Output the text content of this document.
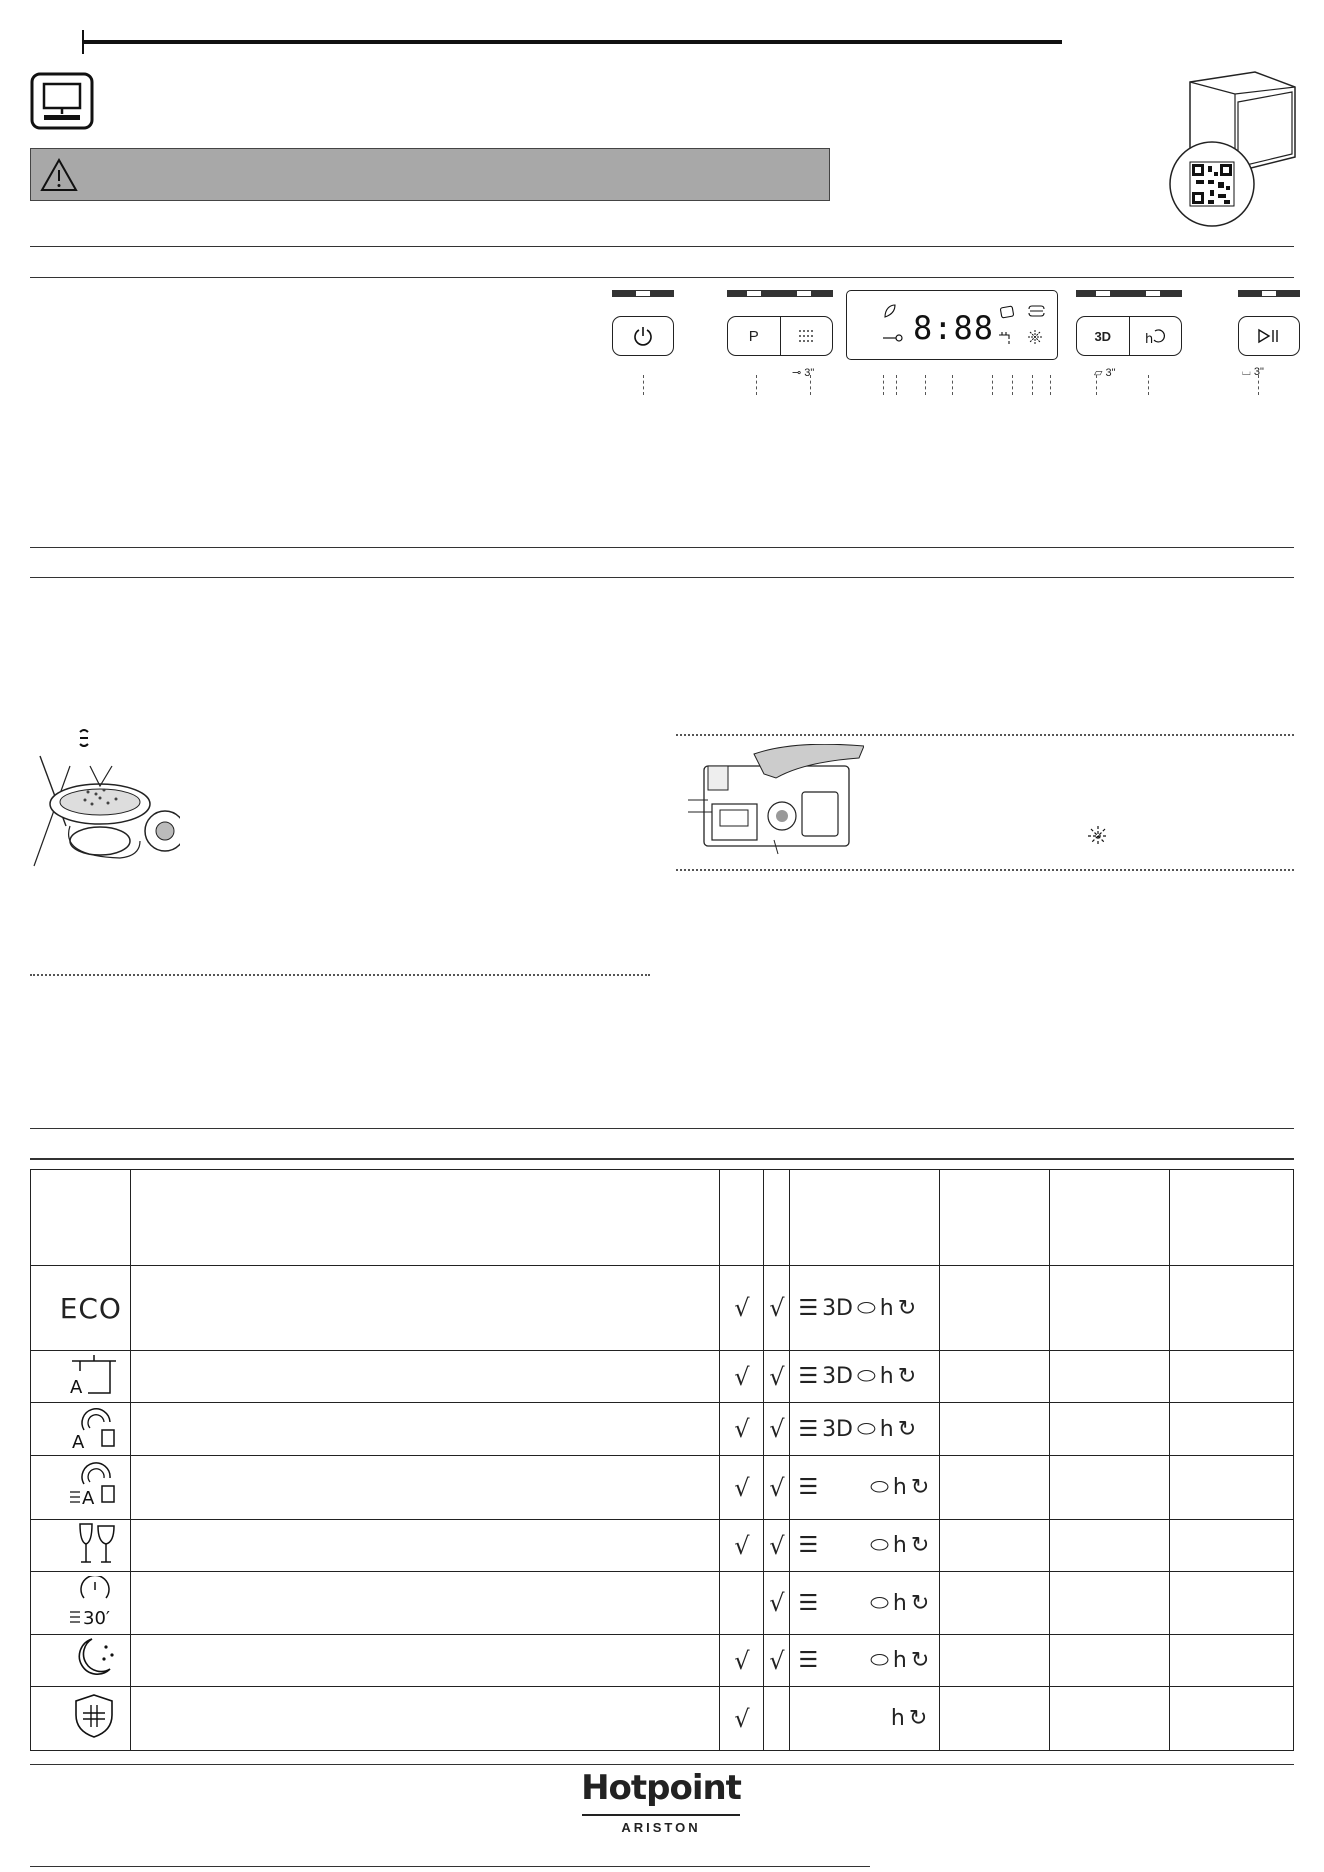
P
⊸ 3"
8:88	3D	h
▱ 3"	⌴ 3"

ECO		√	√	☰ 3D ⬭ h ↻			

A		√	√	☰ 3D ⬭ h ↻			

A		√	√	☰ 3D ⬭ h ↻			

A		√	√	☰ ⬭ h ↻			
		√	√	☰ ⬭ h ↻			

30′			√	☰ ⬭ h ↻			
		√	√	☰ ⬭ h ↻			
		√		h ↻			
Hotpoint
ARISTON
